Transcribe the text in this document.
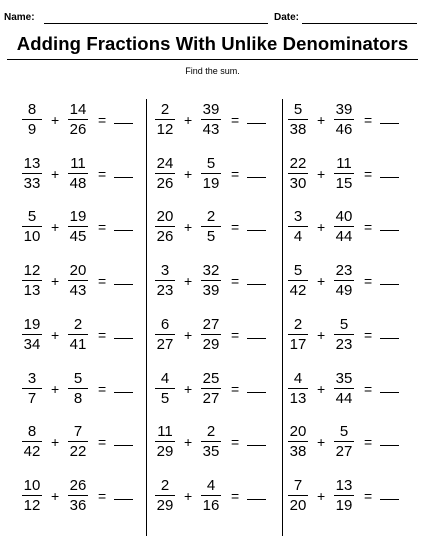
Name:	Date:
Adding Fractions With Unlike Denominators
Find the sum.
8
9
+
14
26
=
13
33
+
11
48
=
5
10
+
19
45
=
12
13
+
20
43
=
19
34
+
2
41
=
3
7
+
5
8
=
8
42
+
7
22
=
10
12
+
26
36
=
2
12
+
39
43
=
24
26
+
5
19
=
20
26
+
2
5
=
3
23
+
32
39
=
6
27
+
27
29
=
4
5
+
25
27
=
11
29
+
2
35
=
2
29
+
4
16
=
5
38
+
39
46
=
22
30
+
11
15
=
3
4
+
40
44
=
5
42
+
23
49
=
2
17
+
5
23
=
4
13
+
35
44
=
20
38
+
5
27
=
7
20
+
13
19
=
